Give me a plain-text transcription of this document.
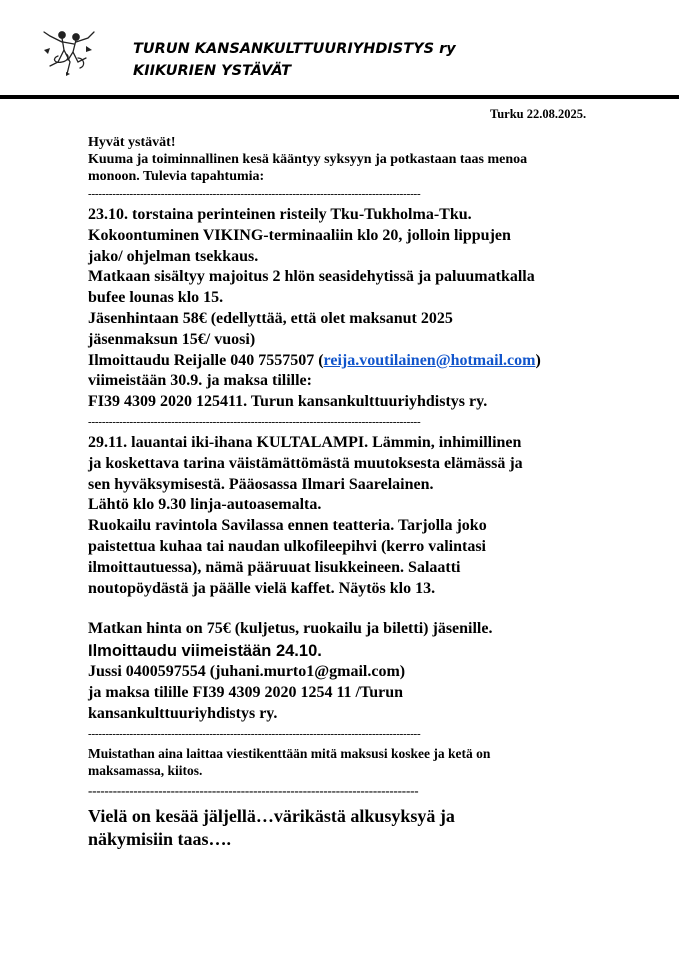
TURUN KANSANKULTTUURIYHDISTYS ry
KIIKURIEN YSTÄVÄT
Turku 22.08.2025.
Hyvät ystävät!
Kuuma ja toiminnallinen kesä kääntyy syksyyn ja potkastaan taas menoa
monoon. Tulevia tapahtumia:
------------------------------------------------------------------------------------------------
23.10. torstaina perinteinen risteily Tku-Tukholma-Tku.
Kokoontuminen VIKING-terminaaliin klo 20, jolloin lippujen
jako/ ohjelman tsekkaus.
Matkaan sisältyy majoitus 2 hlön seasidehytissä ja paluumatkalla
bufee lounas klo 15.
Jäsenhintaan 58€ (edellyttää, että olet maksanut 2025
jäsenmaksun 15€/ vuosi)
Ilmoittaudu Reijalle 040 7557507 (reija.voutilainen@hotmail.com)
viimeistään 30.9. ja maksa tilille:
FI39 4309 2020 125411. Turun kansankulttuuriyhdistys ry.
------------------------------------------------------------------------------------------------
29.11. lauantai iki-ihana KULTALAMPI. Lämmin, inhimillinen
ja koskettava tarina väistämättömästä muutoksesta elämässä ja
sen hyväksymisestä. Pääosassa Ilmari Saarelainen.
Lähtö klo 9.30 linja-autoasemalta.
Ruokailu ravintola Savilassa ennen teatteria. Tarjolla joko
paistettua kuhaa tai naudan ulkofileepihvi (kerro valintasi
ilmoittautuessa), nämä pääruuat lisukkeineen. Salaatti
noutopöydästä ja päälle vielä kaffet. Näytös klo 13.
Matkan hinta on 75€ (kuljetus, ruokailu ja biletti) jäsenille.
Ilmoittaudu viimeistään 24.10.
Jussi 0400597554 (juhani.murto1@gmail.com)
ja maksa tilille FI39 4309 2020 1254 11 /Turun
kansankulttuuriyhdistys ry.
------------------------------------------------------------------------------------------------
Muistathan aina laittaa viestikenttään mitä maksusi koskee ja ketä on
maksamassa, kiitos.
--------------------------------------------------------------------------------
Vielä on kesää jäljellä…värikästä alkusyksyä ja
näkymisiin taas….
